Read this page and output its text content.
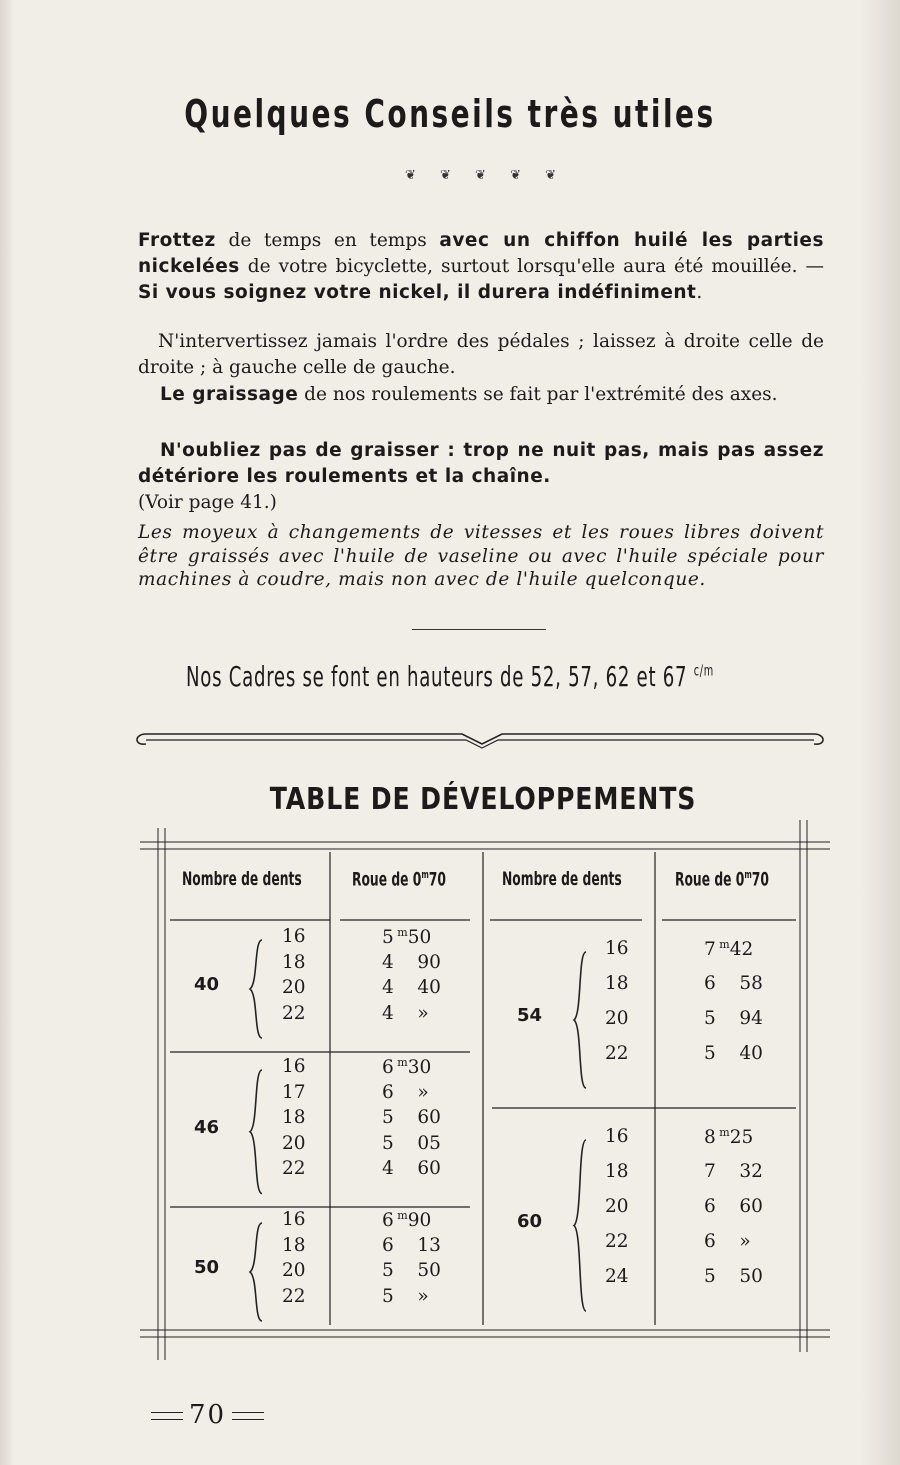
Quelques Conseils très utiles
❦ ❦ ❦ ❦ ❦
Frottez de temps en temps avec un chiffon huilé les parties nickelées de votre bicyclette, surtout lorsqu'elle aura été mouillée. — Si vous soignez votre nickel, il durera indéfiniment.
N'intervertissez jamais l'ordre des pédales ; laissez à droite celle de droite ; à gauche celle de gauche.
Le graissage de nos roulements se fait par l'extrémité des axes.
N'oubliez pas de graisser : trop ne nuit pas, mais pas assez détériore les roulements et la chaîne.
(Voir page 41.)
Les moyeux à changements de vitesses et les roues libres doivent être graissés avec l'huile de vaseline ou avec l'huile spéciale pour machines à coudre, mais non avec de l'huile quelconque.
Nos Cadres se font en hauteurs de 52, 57, 62 et 67 $^{c/m}$
TABLE DE DÉVELOPPEMENTS
Nombre de dents	Roue de 0$^m$70	Nombre de dents	Roue de 0$^m$70
40
16	5 $^m$50
18	4    90
20	4    40
22	4    »
46
16	6 $^m$30
17	6    »
18	5    60
20	5    05
22	4    60
50
16	6 $^m$90
18	6    13
20	5    50
22	5    »
54
16	7 $^m$42
18	6    58
20	5    94
22	5    40
60
16	8 $^m$25
18	7    32
20	6    60
22	6    »
24	5    50
70
